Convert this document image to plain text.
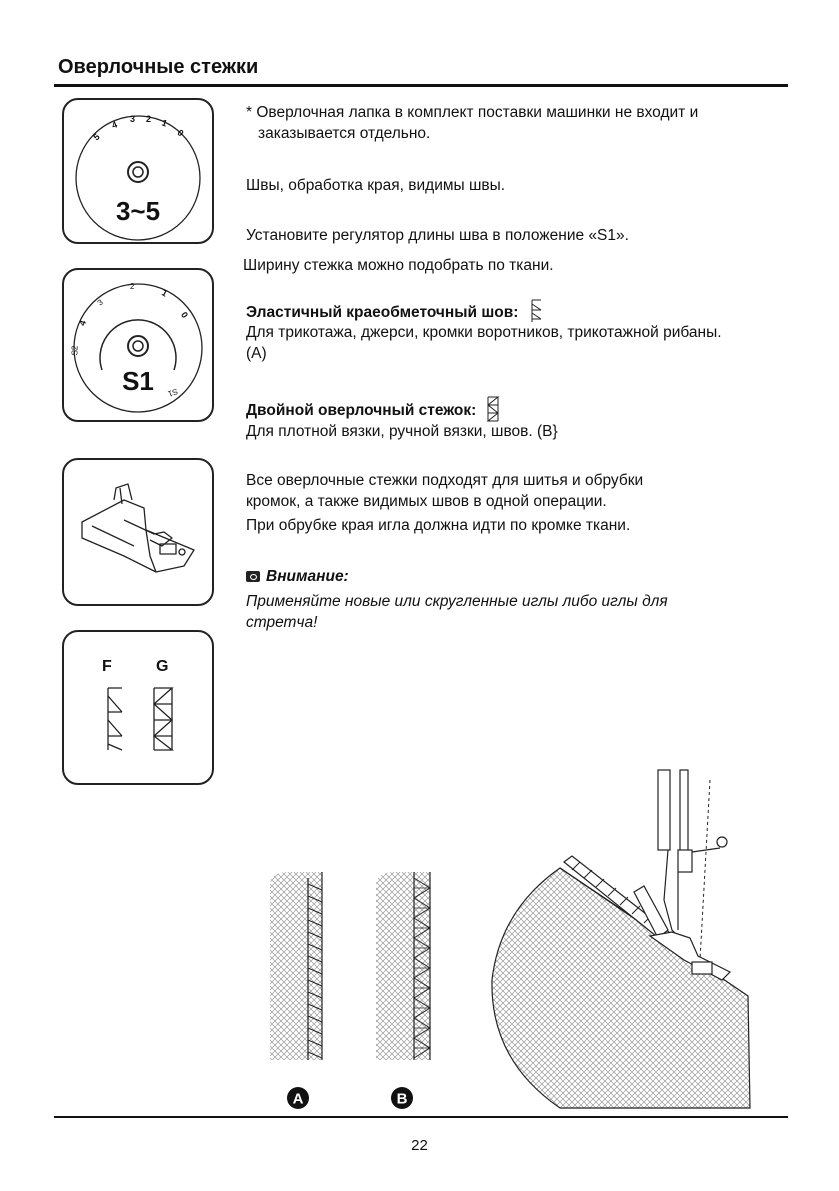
Оверлочные стежки
5
4
3 2 1
0
3~5
4
3
2
1
0
S2
S1
S1
F	G
* Оверлочная лапка в комплект поставки машинки не входит и
заказывается отдельно.
Швы, обработка края, видимы швы.
Установите регулятор длины шва в положение «S1».
Ширину стежка можно подобрать по ткани.
Эластичный краеобметочный шов:
Для трикотажа, джерси, кромки воротников, трикотажной рибаны.
(A)
Двойной оверлочный стежок:
Для плотной вязки, ручной вязки, швов. (B}
Все оверлочные стежки подходят для шитья и обрубки
кромок, а также видимых швов в одной операции.
При обрубке края игла должна идти по кромке ткани.
Внимание:
Применяйте новые или скругленные иглы либо иглы для
стретча!
A	B
22
